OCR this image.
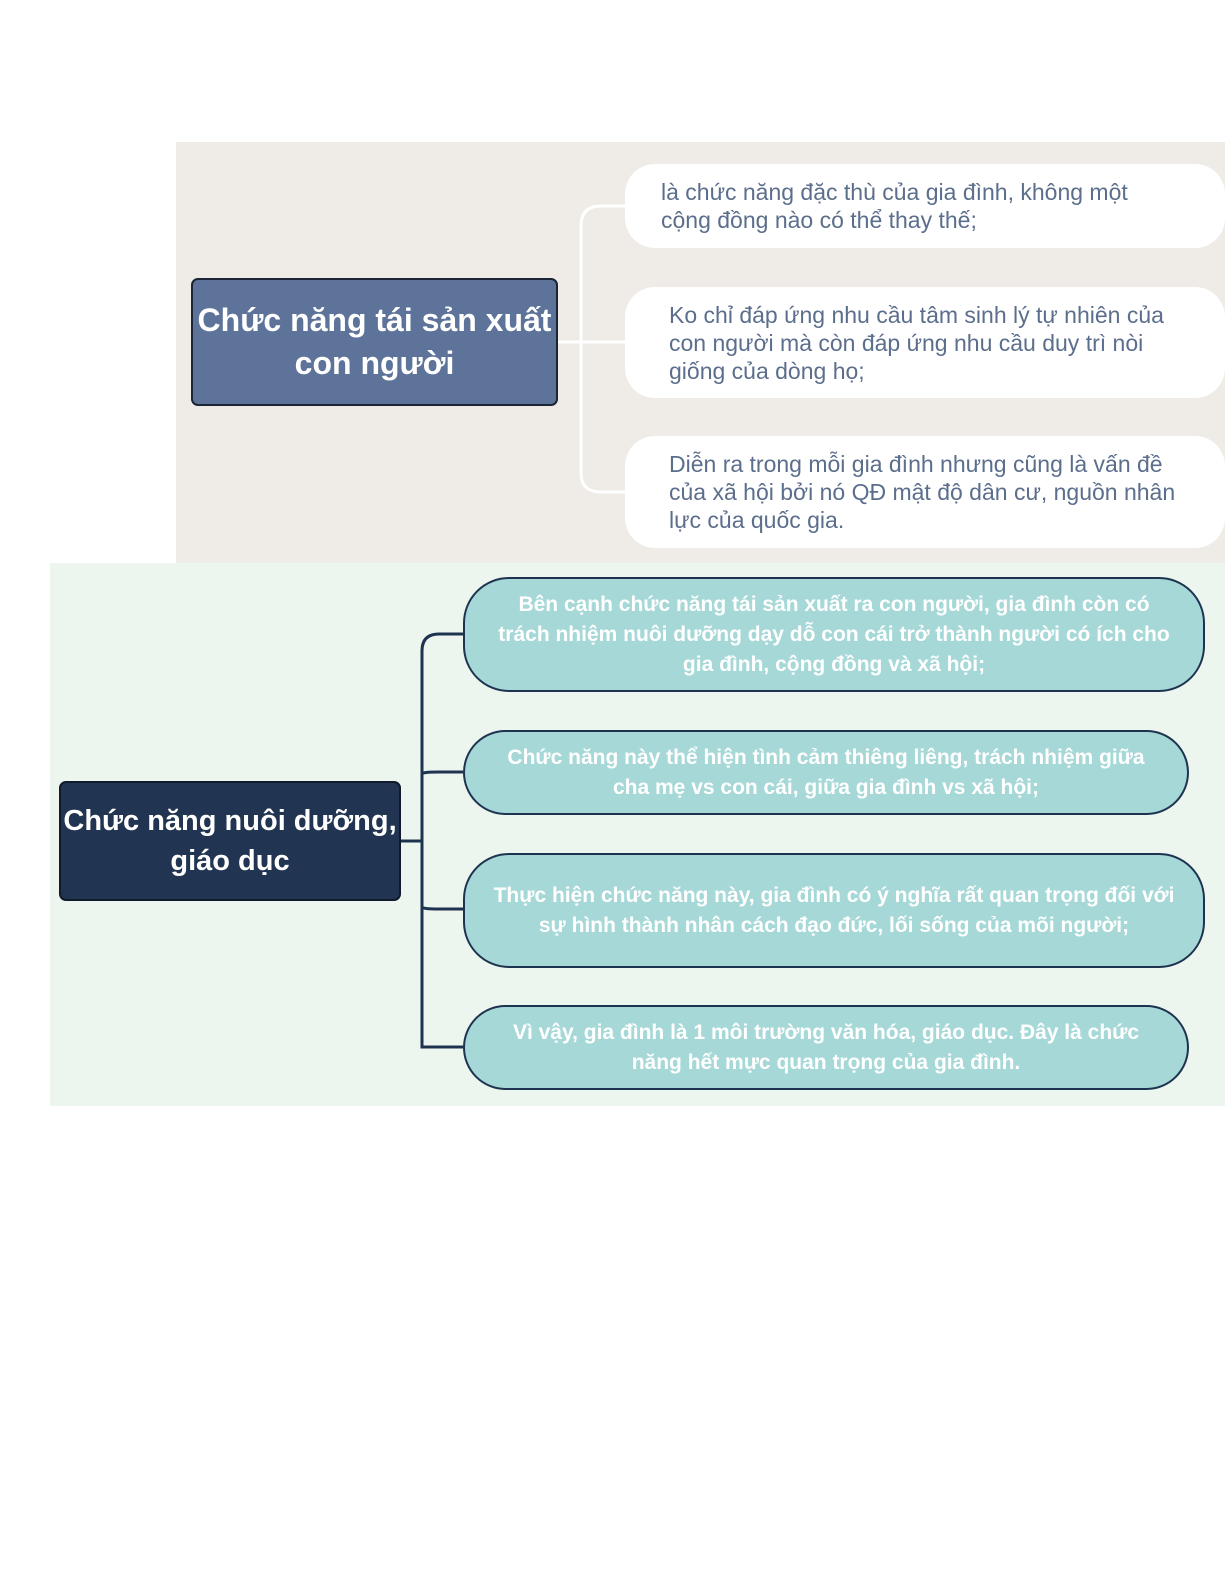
Chức năng tái sản xuất con người
là chức năng đặc thù của gia đình, không một cộng đồng nào có thể thay thế;
Ko chỉ đáp ứng nhu cầu tâm sinh lý tự nhiên của con người mà còn đáp ứng nhu cầu duy trì nòi giống của dòng họ;
Diễn ra trong mỗi gia đình nhưng cũng là vấn đề của xã hội bởi nó QĐ mật độ dân cư, nguồn nhân lực của quốc gia.
Chức năng nuôi dưỡng, giáo dục
Bên cạnh chức năng tái sản xuất ra con người, gia đình còn có trách nhiệm nuôi dưỡng dạy dỗ con cái trở thành người có ích cho gia đình, cộng đồng và xã hội;
Chức năng này thể hiện tình cảm thiêng liêng, trách nhiệm giữa cha mẹ vs con cái, giữa gia đình vs xã hội;
Thực hiện chức năng này, gia đình có ý nghĩa rất quan trọng đối với sự hình thành nhân cách đạo đức, lối sống của mõi người;
Vì vậy, gia đình là 1 môi trường văn hóa, giáo dục. Đây là chức năng hết mực quan trọng của gia đình.
